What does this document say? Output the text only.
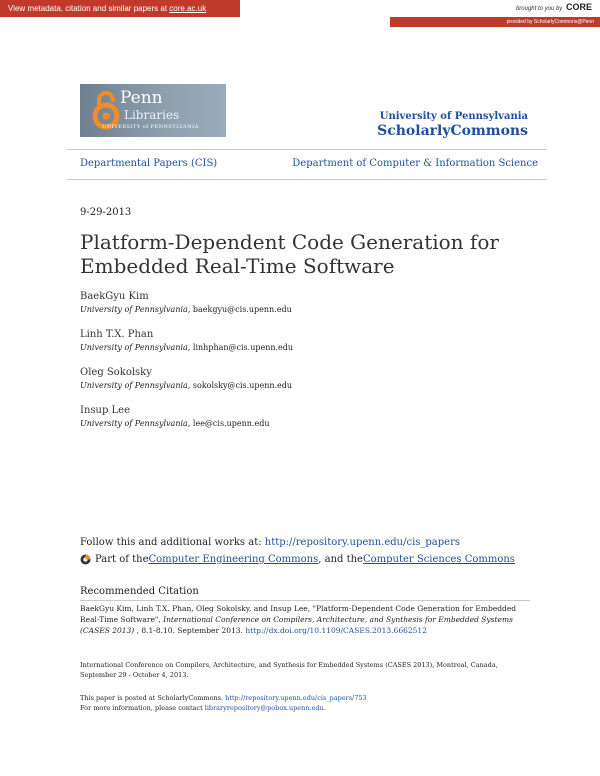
View metadata, citation and similar papers at core.ac.uk	brought to you by CORE
provided by ScholarlyCommons@Penn
Penn
Libraries
UNIVERSITY of PENNSYLVANIA
University of Pennsylvania
ScholarlyCommons
Departmental Papers (CIS)	Department of Computer & Information Science
9-29-2013
Platform-Dependent Code Generation for Embedded Real-Time Software
BaekGyu Kim
University of Pennsylvania, baekgyu@cis.upenn.edu
Linh T.X. Phan
University of Pennsylvania, linhphan@cis.upenn.edu
Oleg Sokolsky
University of Pennsylvania, sokolsky@cis.upenn.edu
Insup Lee
University of Pennsylvania, lee@cis.upenn.edu
Follow this and additional works at: http://repository.upenn.edu/cis_papers
Part of the Computer Engineering Commons , and the Computer Sciences Commons
Recommended Citation
BaekGyu Kim, Linh T.X. Phan, Oleg Sokolsky, and Insup Lee, "Platform-Dependent Code Generation for Embedded Real-Time Software", International Conference on Compilers, Architecture, and Synthesis for Embedded Systems (CASES 2013) , 8.1-8.10. September 2013. http://dx.doi.org/10.1109/CASES.2013.6662512
International Conference on Compilers, Architecture, and Synthesis for Embedded Systems (CASES 2013), Montreal, Canada, September 29 - October 4, 2013.
This paper is posted at ScholarlyCommons. http://repository.upenn.edu/cis_papers/753
For more information, please contact libraryrepository@pobox.upenn.edu.
